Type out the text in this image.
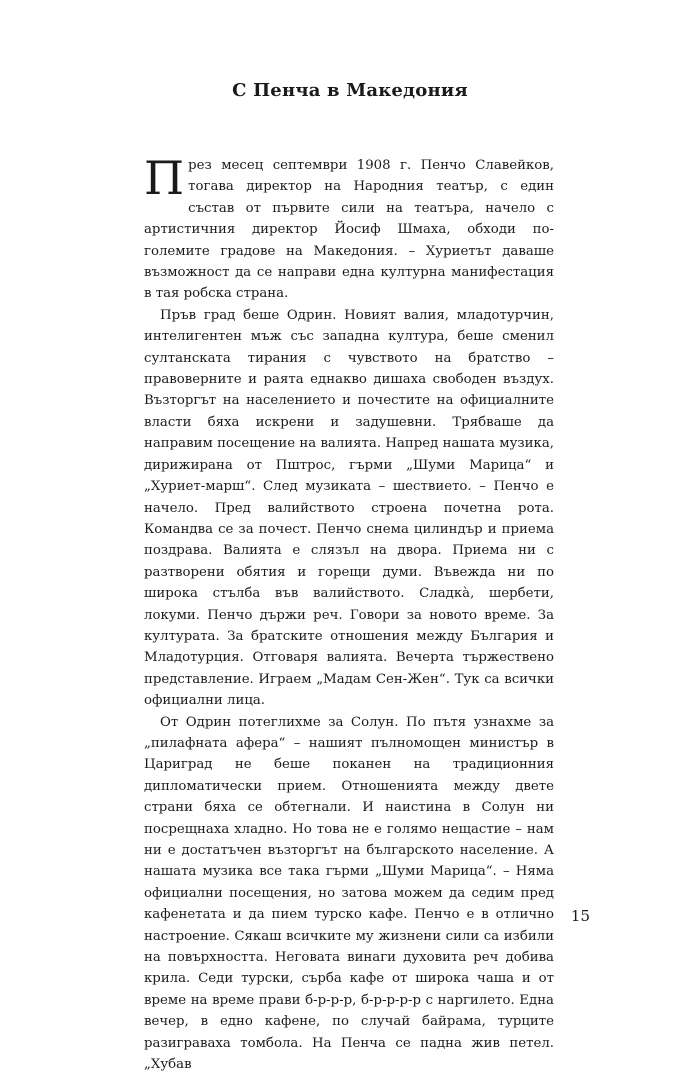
С Пенча в Македония

През месец септември 1908 г. Пенчо Славейков, тогава директор на Народния театър, с един състав от първите сили на театъра, начело с артистичния директор Йосиф Шмаха, обходи по-големите градове на Македония. – Хуриетът даваше възможност да се направи една културна манифестация в тая робска страна.

Пръв град беше Одрин. Новият валия, младотурчин, интелигентен мъж със западна култура, беше сменил султанската тирания с чувството на братство – правоверните и раята еднакво дишаха свободен въздух. Възторгът на населението и почестите на официалните власти бяха искрени и задушевни. Трябваше да направим посещение на валията. Напред нашата музика, дирижирана от Пштрос, гърми „Шуми Марица“ и „Хуриет-марш“. След музиката – шествието. – Пенчо е начело. Пред валийството строена почетна рота. Командва се за почест. Пенчо снема цилиндър и приема поздрава. Валията е слязъл на двора. Приема ни с разтворени обятия и горещи думи. Въвежда ни по широка стълба във валийството. Сладкà, шербети, локуми. Пенчо държи реч. Говори за новото време. За културата. За братските отношения между България и Младотурция. Отговаря валията. Вечерта тържествено представление. Играем „Мадам Сен-Жен“. Тук са всички официални лица.

От Одрин потеглихме за Солун. По пътя узнахме за „пилафната афера“ – нашият пълномощен министър в Цариград не беше поканен на традиционния дипломатически прием. Отношенията между двете страни бяха се обтегнали. И наистина в Солун ни посрещнаха хладно. Но това не е голямо нещастие – нам ни е достатъчен възторгът на българското население. А нашата музика все така гърми „Шуми Марица“. – Няма официални посещения, но затова можем да седим пред кафенетата и да пием турско кафе. Пенчо е в отлично настроение. Сякаш всичките му жизнени сили са избили на повърхността. Неговата винаги духовита реч добива крила. Седи турски, сърба кафе от широка чаша и от време на време прави б-р-р-р, б-р-р-р-р с наргилето. Една вечер, в едно кафене, по случай байрама, турците разиграваха томбола. На Пенча се падна жив петел. „Хубав

15
